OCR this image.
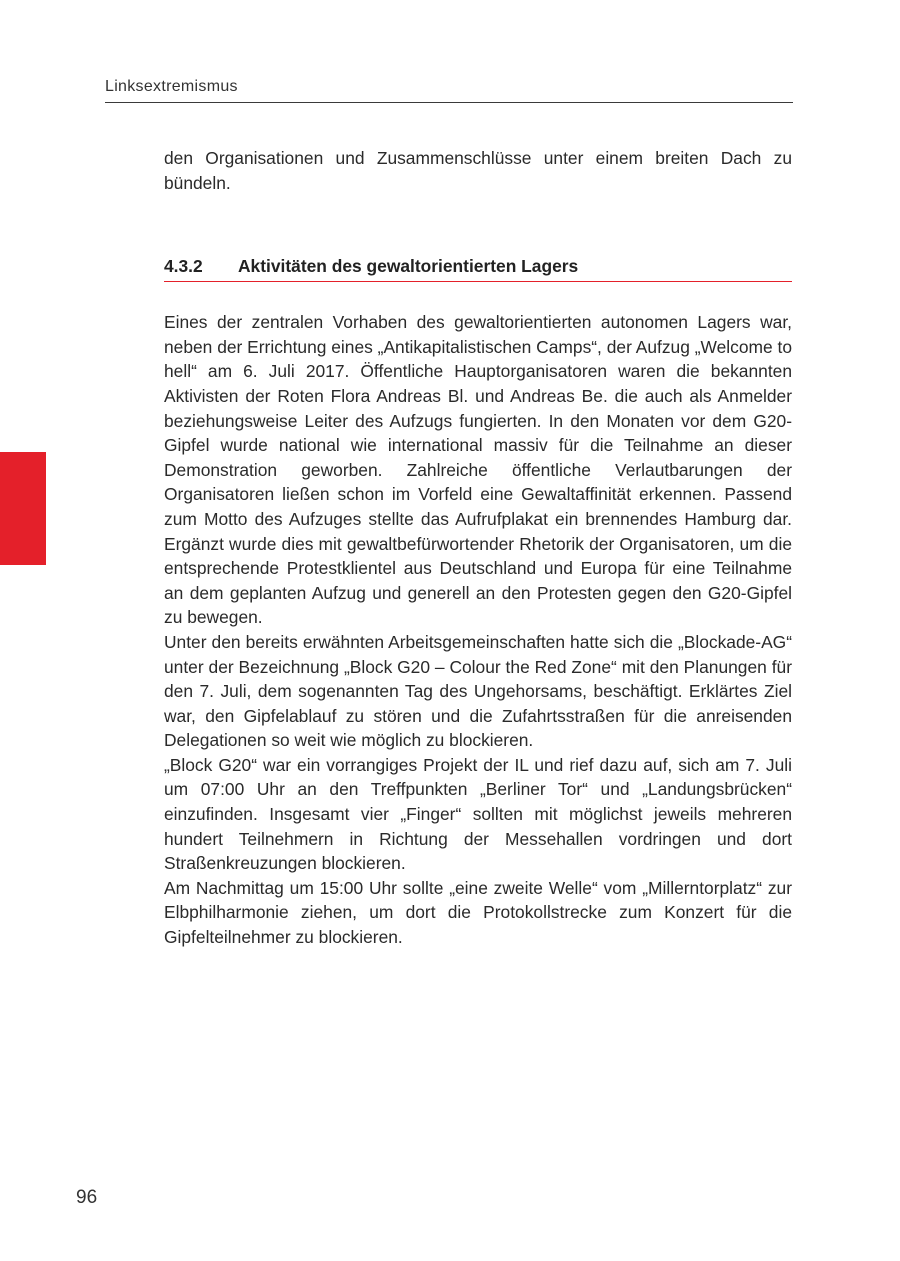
Linksextremismus

den Organisationen und Zusammenschlüsse unter einem breiten Dach zu bündeln.

4.3.2 Aktivitäten des gewaltorientierten Lagers

Eines der zentralen Vorhaben des gewaltorientierten autonomen Lagers war, neben der Errichtung eines „Antikapitalistischen Camps“, der Aufzug „Welcome to hell“ am 6. Juli 2017. Öffentliche Hauptorganisatoren waren die bekannten Aktivisten der Roten Flora Andreas Bl. und Andreas Be. die auch als Anmelder beziehungsweise Leiter des Aufzugs fungierten. In den Monaten vor dem G20-Gipfel wurde national wie international massiv für die Teilnahme an dieser Demonstration geworben. Zahlreiche öffentliche Verlautbarungen der Organisatoren ließen schon im Vorfeld eine Gewaltaffinität erkennen. Passend zum Motto des Aufzuges stellte das Aufrufplakat ein brennendes Hamburg dar. Ergänzt wurde dies mit gewaltbefürwortender Rhetorik der Organisatoren, um die entsprechende Protestklientel aus Deutschland und Europa für eine Teilnahme an dem geplanten Aufzug und generell an den Protesten gegen den G20-Gipfel zu bewegen.

Unter den bereits erwähnten Arbeitsgemeinschaften hatte sich die „Blockade-AG“ unter der Bezeichnung „Block G20 – Colour the Red Zone“ mit den Planungen für den 7. Juli, dem sogenannten Tag des Ungehorsams, beschäftigt. Erklärtes Ziel war, den Gipfelablauf zu stören und die Zufahrtsstraßen für die anreisenden Delegationen so weit wie möglich zu blockieren.

„Block G20“ war ein vorrangiges Projekt der IL und rief dazu auf, sich am 7. Juli um 07:00 Uhr an den Treffpunkten „Berliner Tor“ und „Landungsbrücken“ einzufinden. Insgesamt vier „Finger“ sollten mit möglichst jeweils mehreren hundert Teilnehmern in Richtung der Messehallen vordringen und dort Straßenkreuzungen blockieren.

Am Nachmittag um 15:00 Uhr sollte „eine zweite Welle“ vom „Millerntorplatz“ zur Elbphilharmonie ziehen, um dort die Protokollstrecke zum Konzert für die Gipfelteilnehmer zu blockieren.

96
